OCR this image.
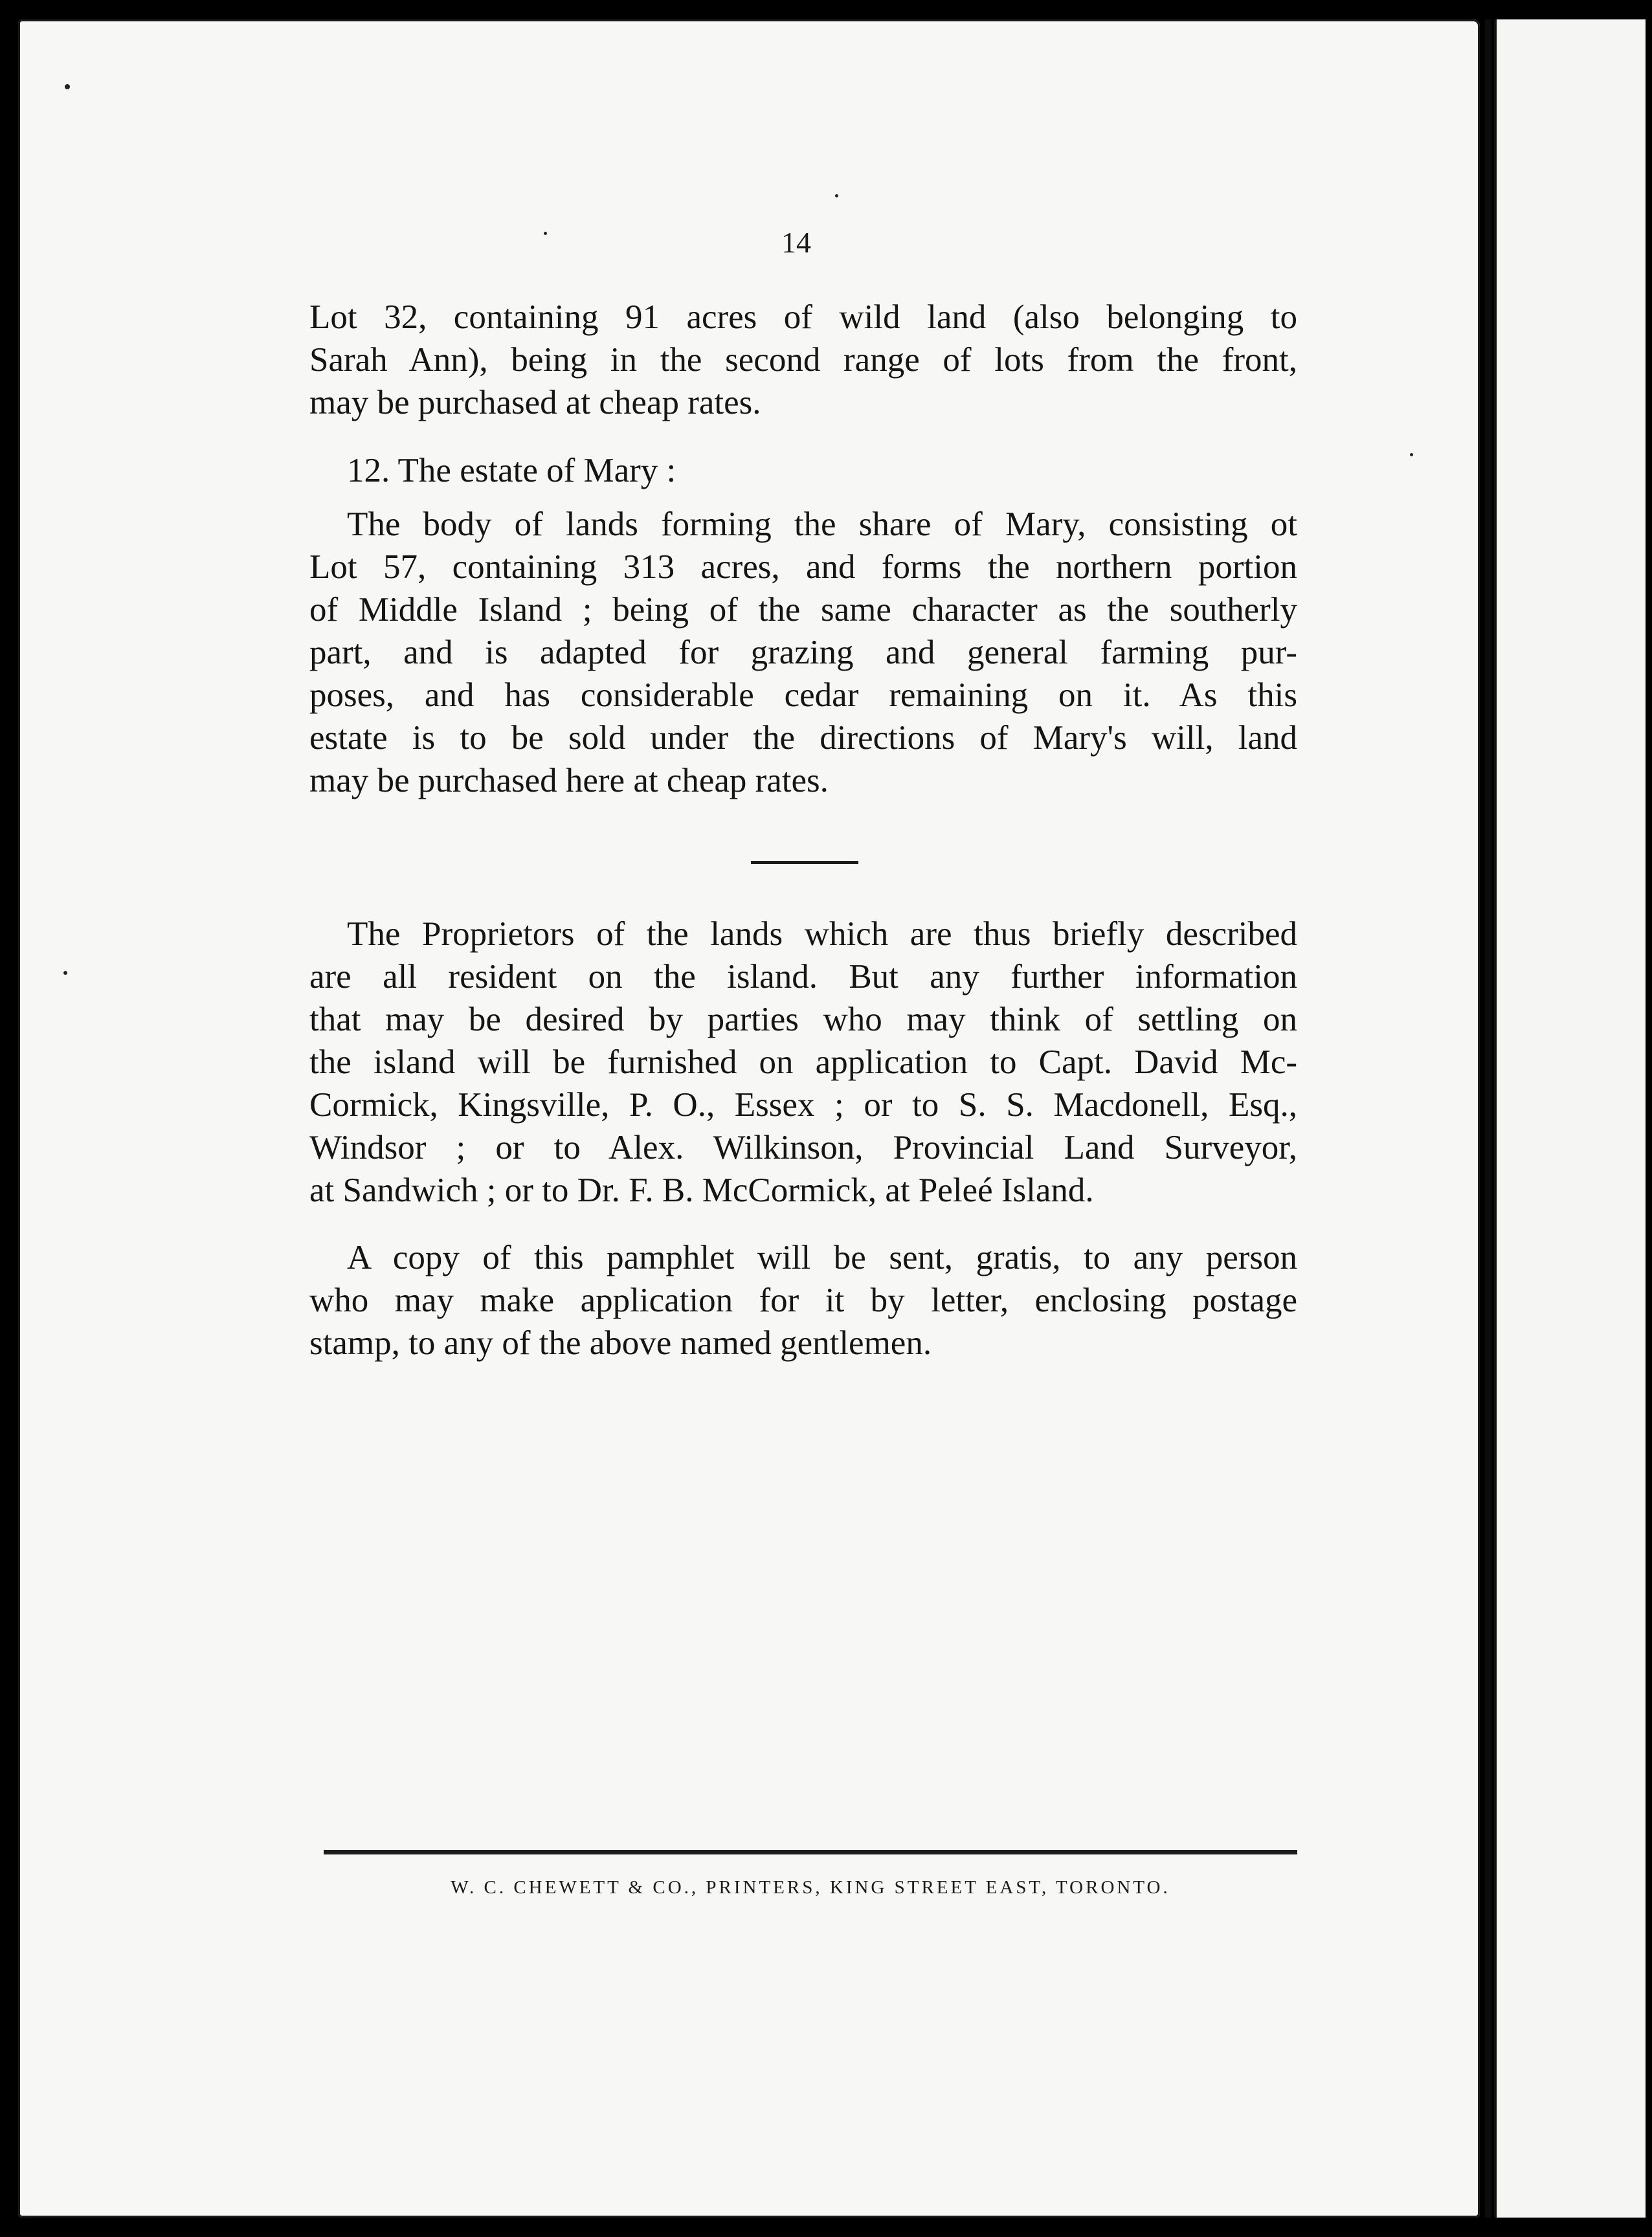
14
Lot 32, containing 91 acres of wild land (also belonging to
Sarah Ann), being in the second range of lots from the front,
may be purchased at cheap rates.
12. The estate of Mary :
The body of lands forming the share of Mary, consisting ot
Lot 57, containing 313 acres, and forms the northern portion
of Middle Island ; being of the same character as the southerly
part, and is adapted for grazing and general farming pur-
poses, and has considerable cedar remaining on it. As this
estate is to be sold under the directions of Mary's will, land
may be purchased here at cheap rates.
The Proprietors of the lands which are thus briefly described
are all resident on the island. But any further information
that may be desired by parties who may think of settling on
the island will be furnished on application to Capt. David Mc-
Cormick, Kingsville, P. O., Essex ; or to S. S. Macdonell, Esq.,
Windsor ; or to Alex. Wilkinson, Provincial Land Surveyor,
at Sandwich ; or to Dr. F. B. McCormick, at Peleé Island.
A copy of this pamphlet will be sent, gratis, to any person
who may make application for it by letter, enclosing postage
stamp, to any of the above named gentlemen.
W. C. CHEWETT & CO., PRINTERS, KING STREET EAST, TORONTO.
